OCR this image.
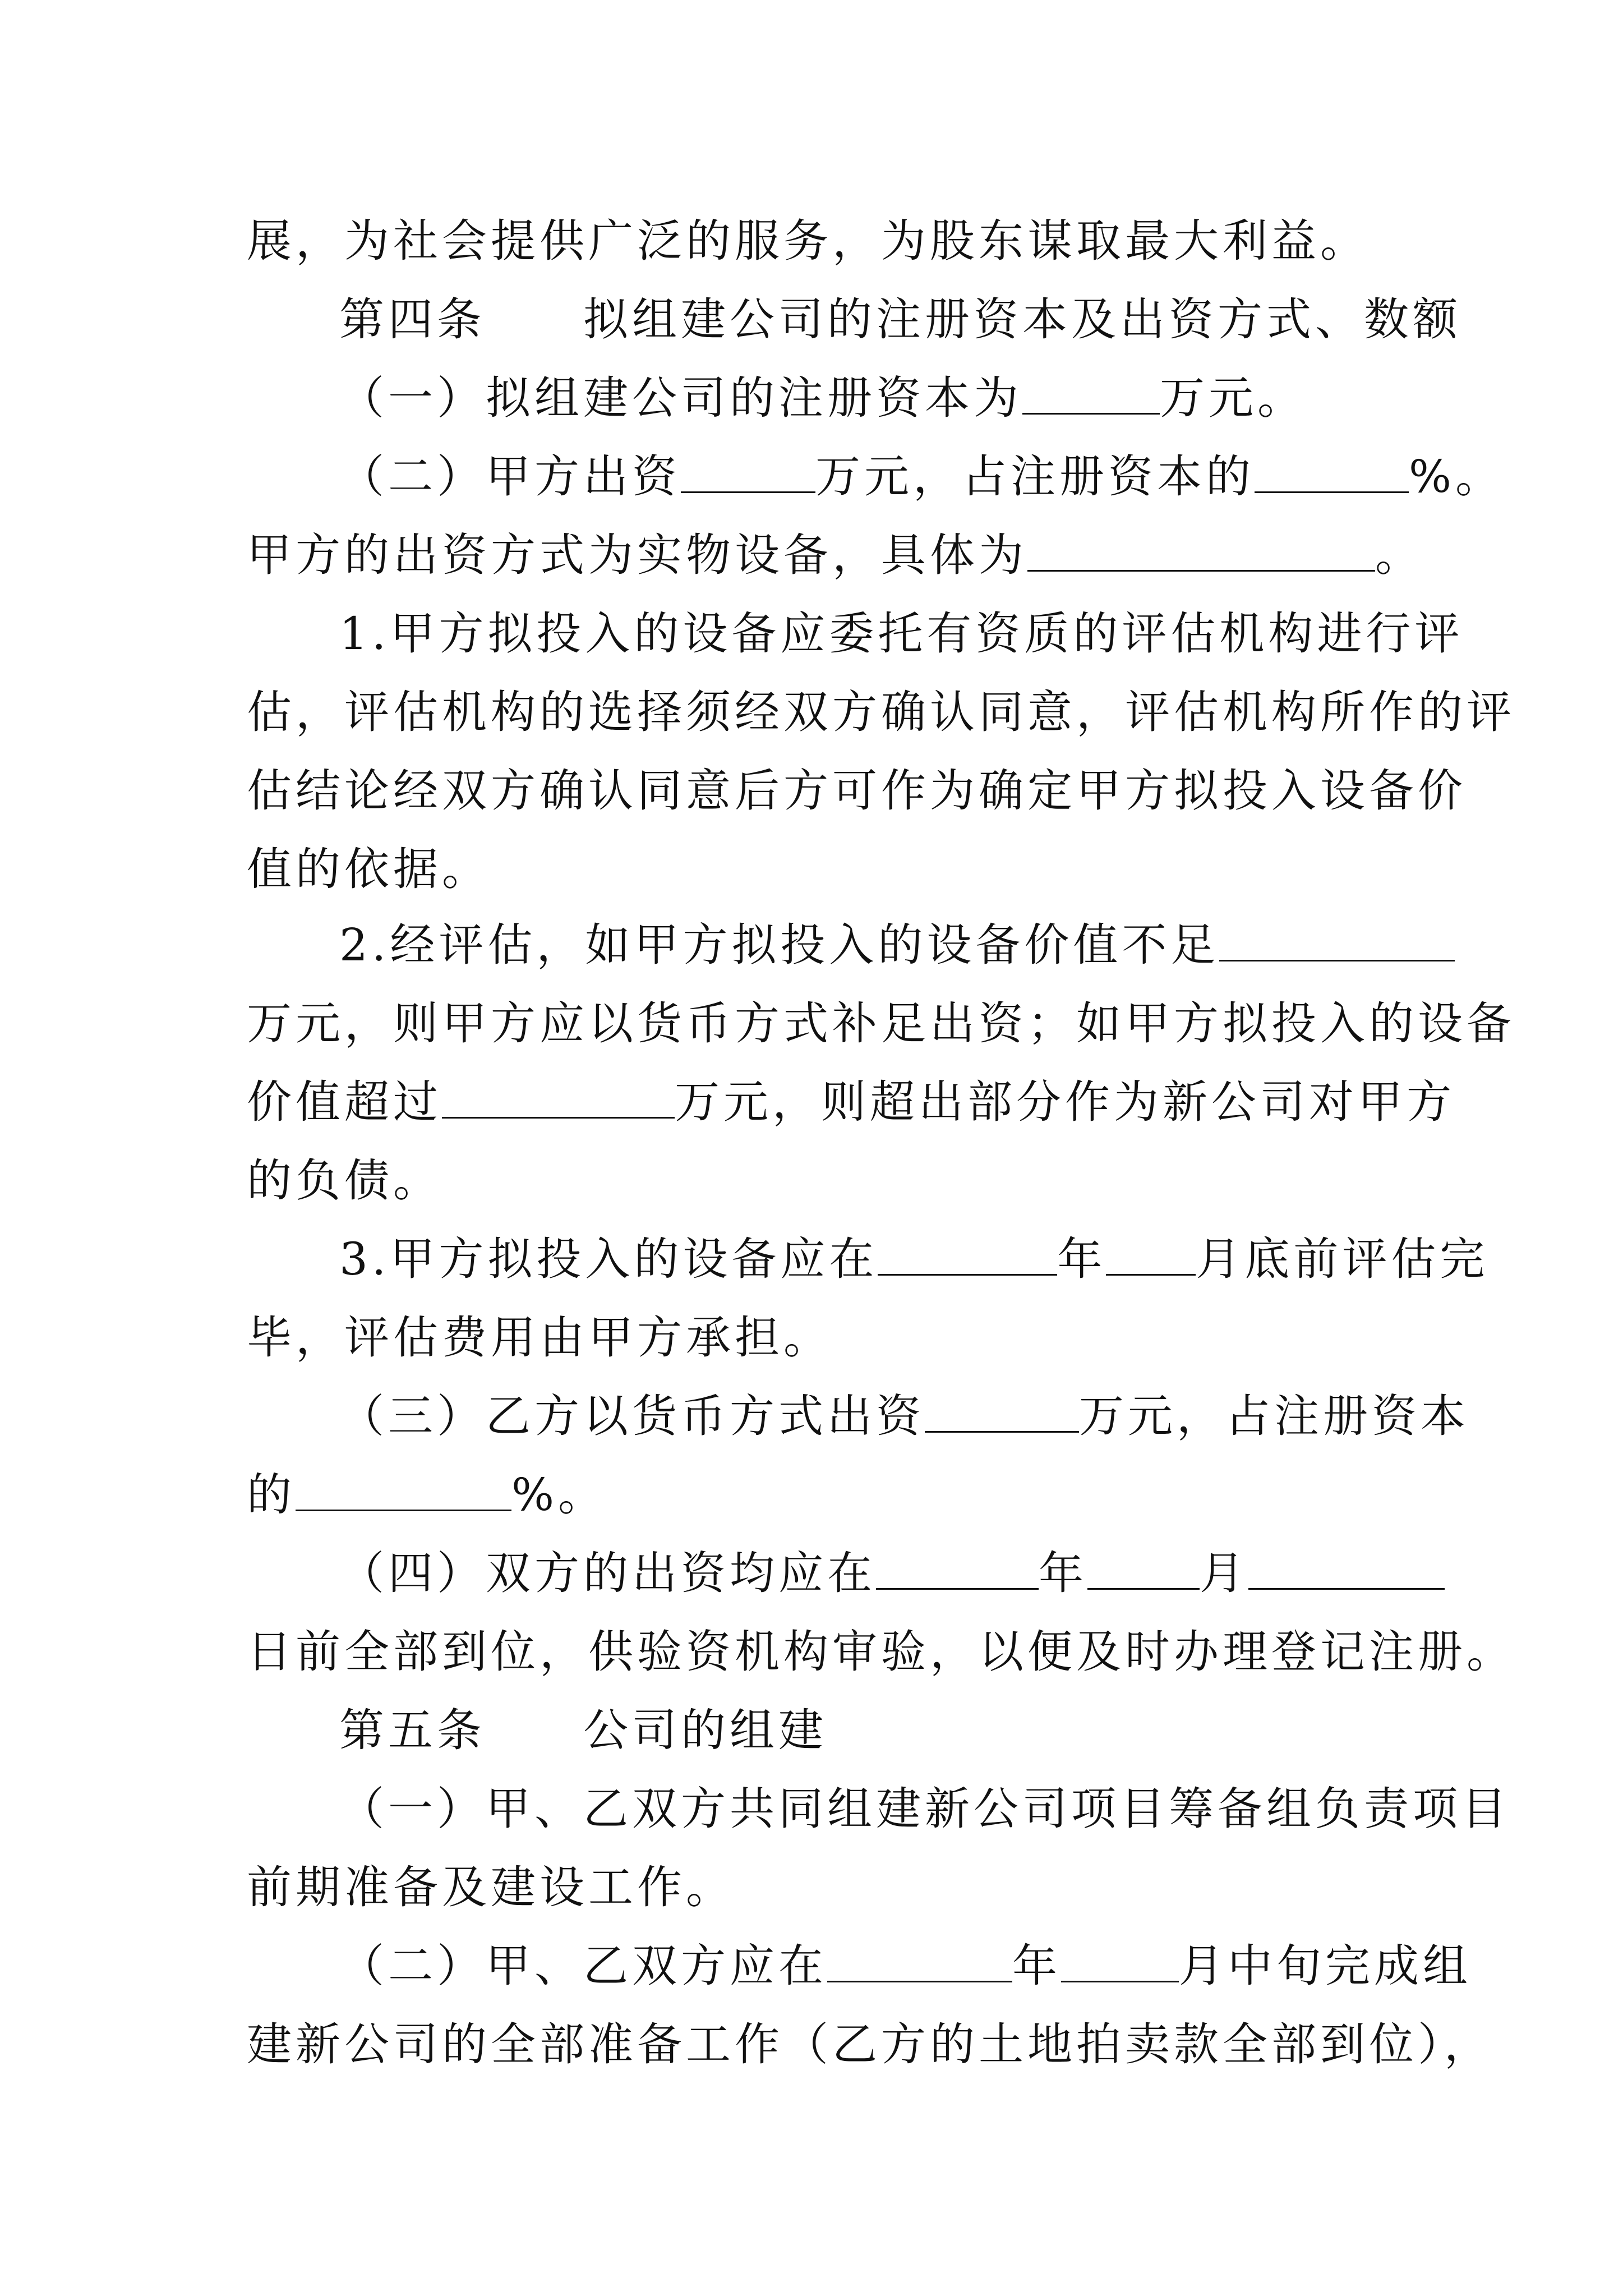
展，为社会提供广泛的服务，为股东谋取最大利益。
第四条　　拟组建公司的注册资本及出资方式、数额
（一）拟组建公司的注册资本为	万元。
（二）甲方出资	万元，占注册资本的	%。
甲方的出资方式为实物设备，具体为	。
1.甲方拟投入的设备应委托有资质的评估机构进行评
估，评估机构的选择须经双方确认同意，评估机构所作的评
估结论经双方确认同意后方可作为确定甲方拟投入设备价
值的依据。
2.经评估，如甲方拟投入的设备价值不足
万元，则甲方应以货币方式补足出资；如甲方拟投入的设备
价值超过	万元，则超出部分作为新公司对甲方
的负债。
3.甲方拟投入的设备应在	年 月底前评估完
毕，评估费用由甲方承担。
（三）乙方以货币方式出资	万元，占注册资本
的	%。
（四）双方的出资均应在	年	月
日前全部到位，供验资机构审验，以便及时办理登记注册。
第五条　　公司的组建
（一）甲、乙双方共同组建新公司项目筹备组负责项目
前期准备及建设工作。
（二）甲、乙双方应在	年	月中旬完成组
建新公司的全部准备工作（乙方的土地拍卖款全部到位），
